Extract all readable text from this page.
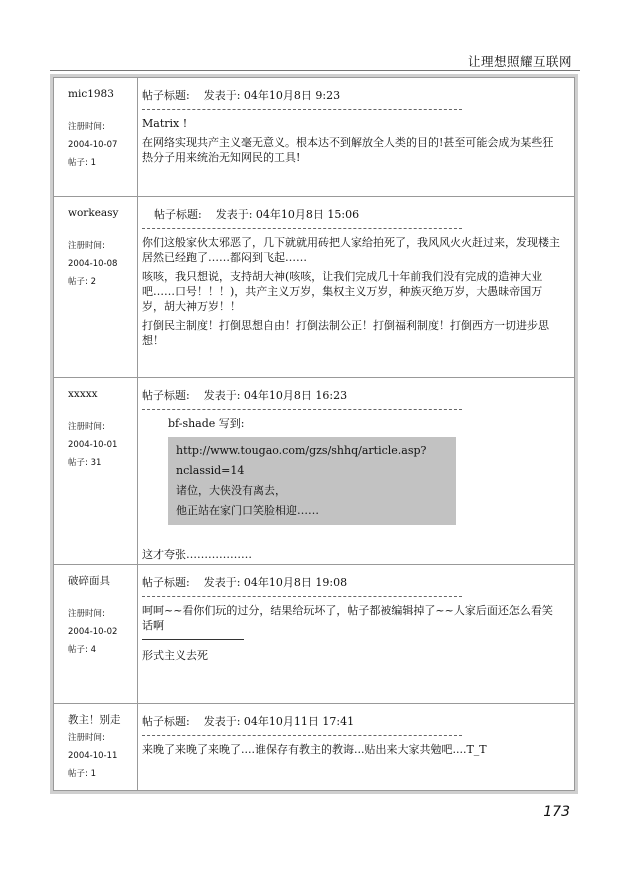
让理想照耀互联网
mic1983
注册时间:
2004-10-07
帖子: 1
帖子标题: 发表于: 04年10月8日 9:23

Matrix !

在网络实现共产主义毫无意义。根本达不到解放全人类的目的!甚至可能会成为某些狂热分子用来统治无知网民的工具!

workeasy
注册时间:
2004-10-08
帖子: 2
帖子标题: 发表于: 04年10月8日 15:06

你们这般家伙太邪恶了，几下就就用砖把人家给拍死了，我风风火火赶过来，发现楼主居然已经跑了……都闷到飞起……

咳咳，我只想说，支持胡大神(咳咳，让我们完成几十年前我们没有完成的造神大业吧……口号！！！)，共产主义万岁，集权主义万岁，种族灭绝万岁，大愚昧帝国万岁，胡大神万岁！！

打倒民主制度！打倒思想自由！打倒法制公正！打倒福利制度！打倒西方一切进步思想！

xxxxx
注册时间:
2004-10-01
帖子: 31
帖子标题: 发表于: 04年10月8日 16:23
bf-shade 写到:
http://www.tougao.com/gzs/shhq/article.asp?nclassid=14
诸位，大侠没有离去，
他正站在家门口笑脸相迎……

这才夸张………………

破碎面具
注册时间:
2004-10-02
帖子: 4
帖子标题: 发表于: 04年10月8日 19:08

呵呵~~看你们玩的过分，结果给玩坏了，帖子都被编辑掉了~~人家后面还怎么看笑话啊

形式主义去死

教主！别走
注册时间:
2004-10-11
帖子: 1
帖子标题: 发表于: 04年10月11日 17:41

来晚了来晚了来晚了....谁保存有教主的教诲...贴出来大家共勉吧....T_T

173
